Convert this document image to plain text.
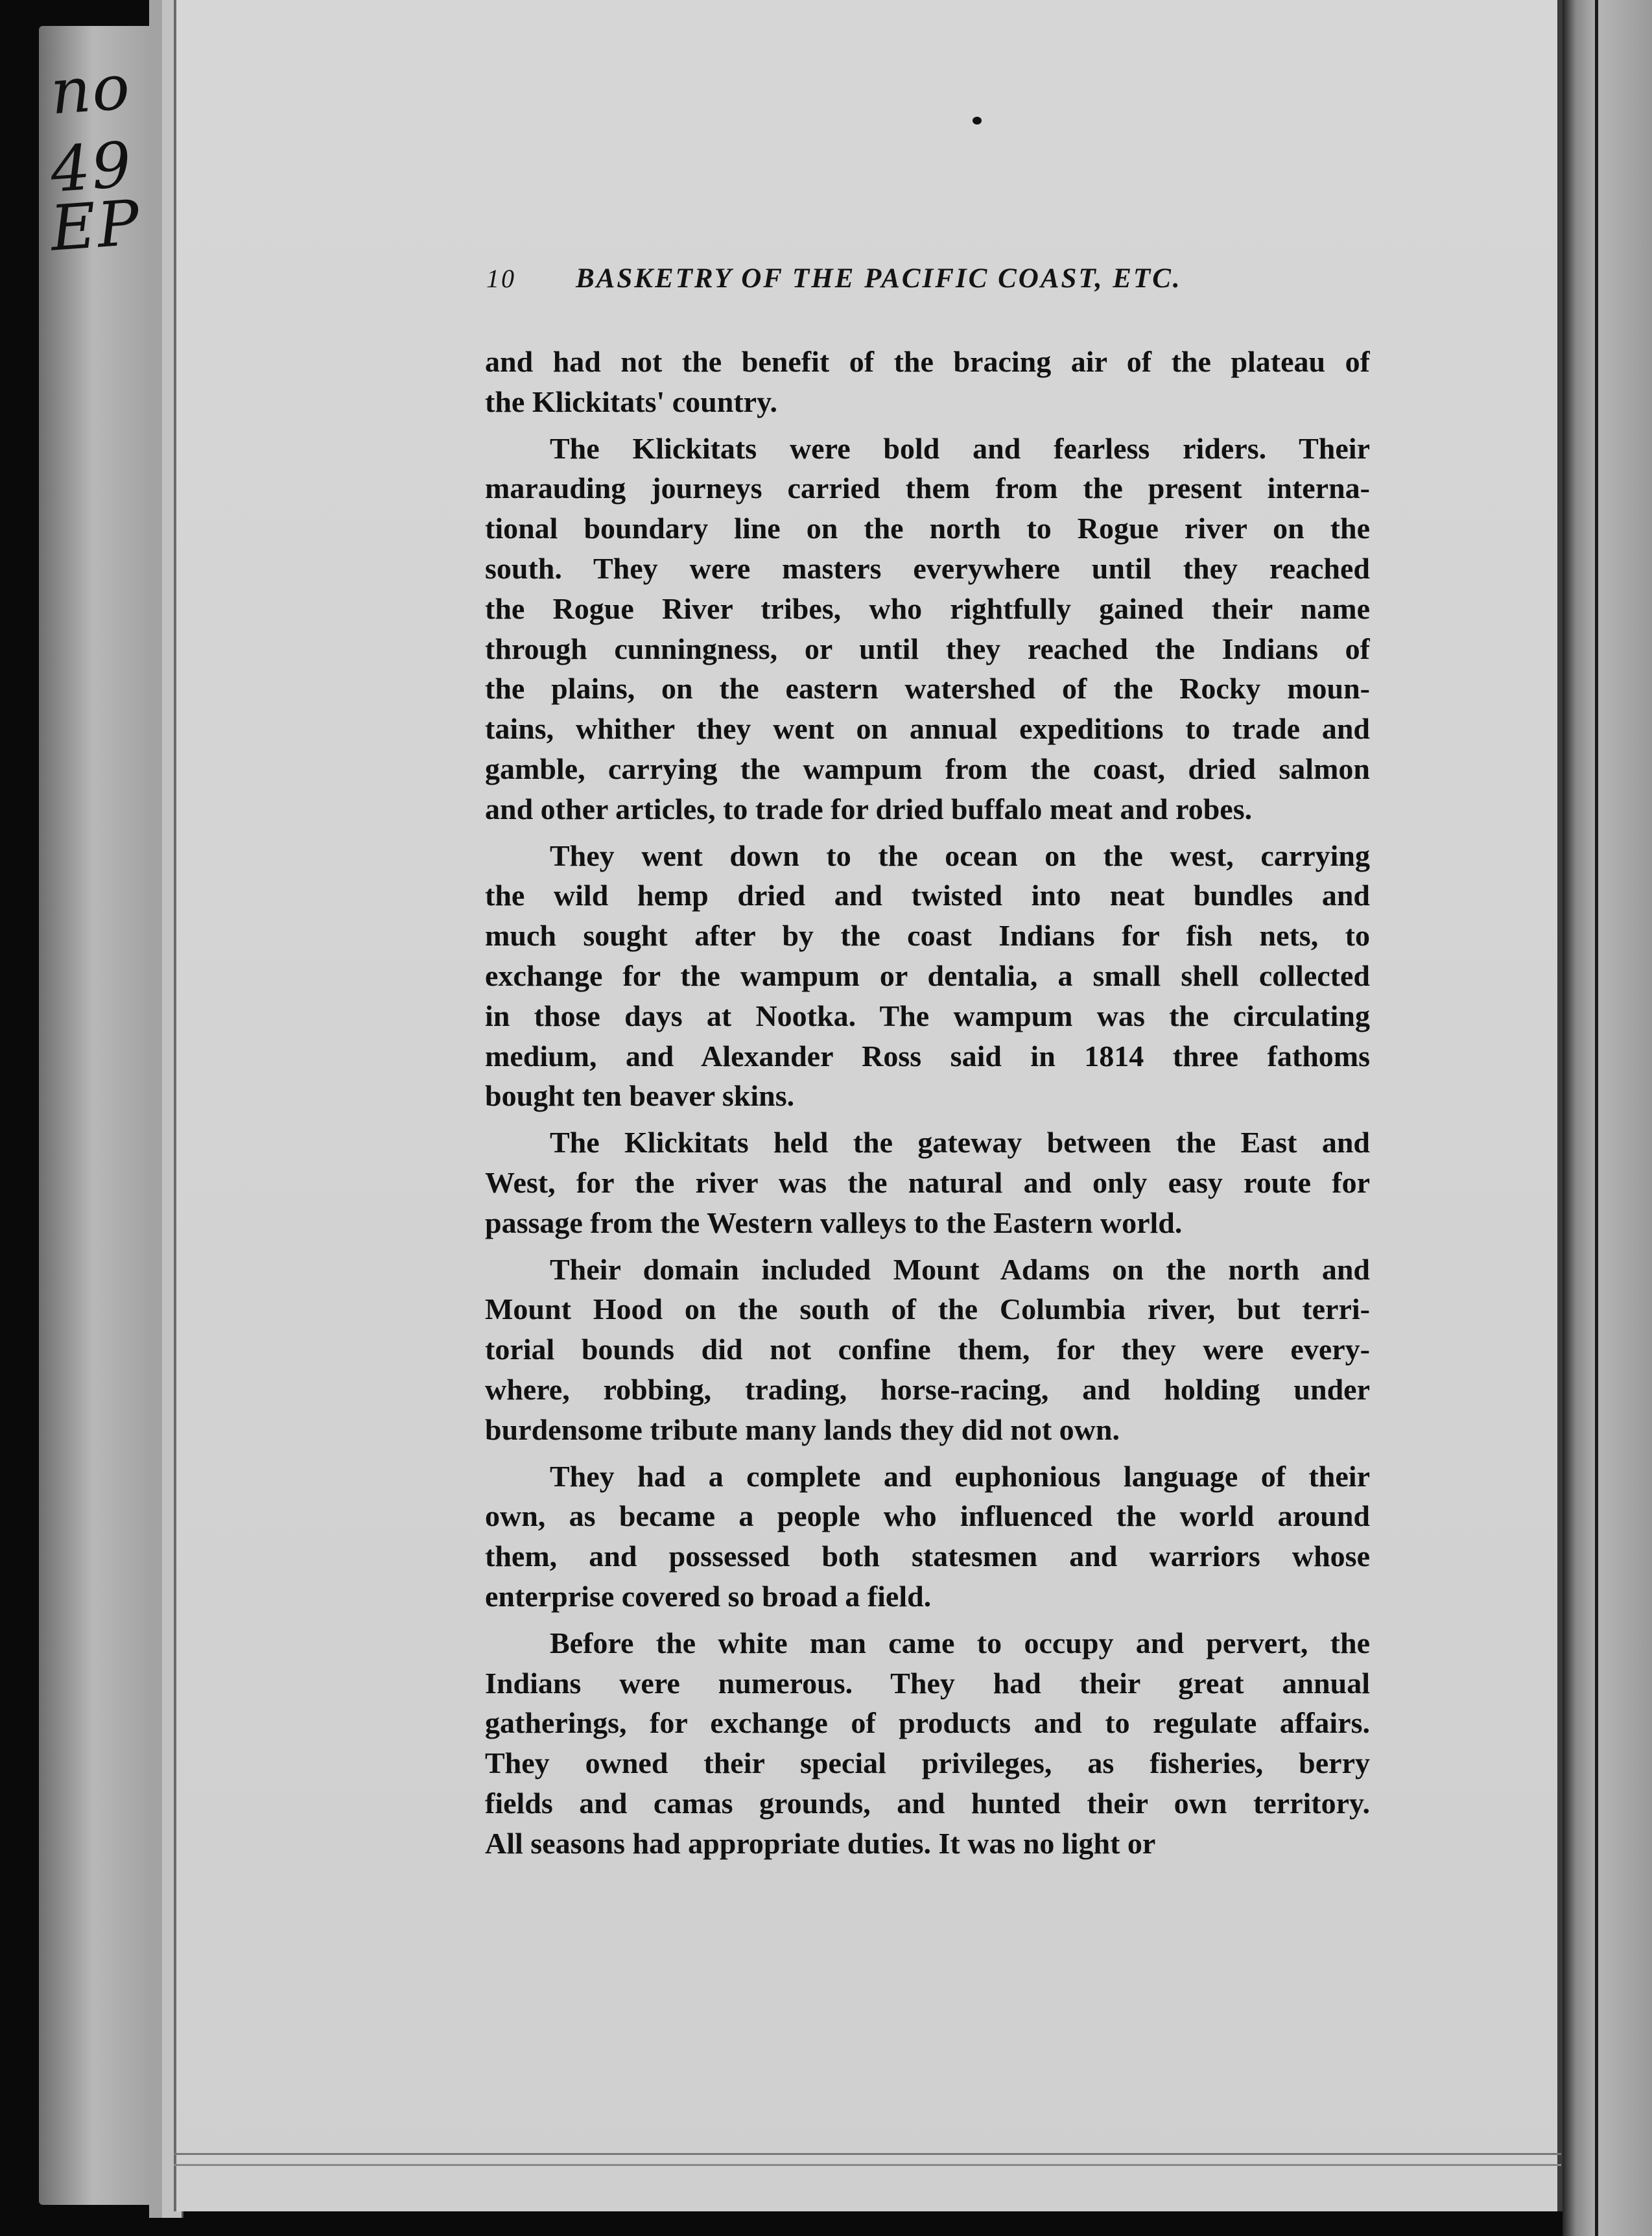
no
49
EP
10 BASKETRY OF THE PACIFIC COAST, ETC.
and had not the benefit of the bracing air of the plateau of
the Klickitats' country.
The Klickitats were bold and fearless riders. Their
marauding journeys carried them from the present interna-
tional boundary line on the north to Rogue river on the
south. They were masters everywhere until they reached
the Rogue River tribes, who rightfully gained their name
through cunningness, or until they reached the Indians of
the plains, on the eastern watershed of the Rocky moun-
tains, whither they went on annual expeditions to trade and
gamble, carrying the wampum from the coast, dried salmon
and other articles, to trade for dried buffalo meat and robes.
They went down to the ocean on the west, carrying
the wild hemp dried and twisted into neat bundles and
much sought after by the coast Indians for fish nets, to
exchange for the wampum or dentalia, a small shell collected
in those days at Nootka. The wampum was the circulating
medium, and Alexander Ross said in 1814 three fathoms
bought ten beaver skins.
The Klickitats held the gateway between the East and
West, for the river was the natural and only easy route for
passage from the Western valleys to the Eastern world.
Their domain included Mount Adams on the north and
Mount Hood on the south of the Columbia river, but terri-
torial bounds did not confine them, for they were every-
where, robbing, trading, horse-racing, and holding under
burdensome tribute many lands they did not own.
They had a complete and euphonious language of their
own, as became a people who influenced the world around
them, and possessed both statesmen and warriors whose
enterprise covered so broad a field.
Before the white man came to occupy and pervert, the
Indians were numerous. They had their great annual
gatherings, for exchange of products and to regulate affairs.
They owned their special privileges, as fisheries, berry
fields and camas grounds, and hunted their own territory.
All seasons had appropriate duties. It was no light or
